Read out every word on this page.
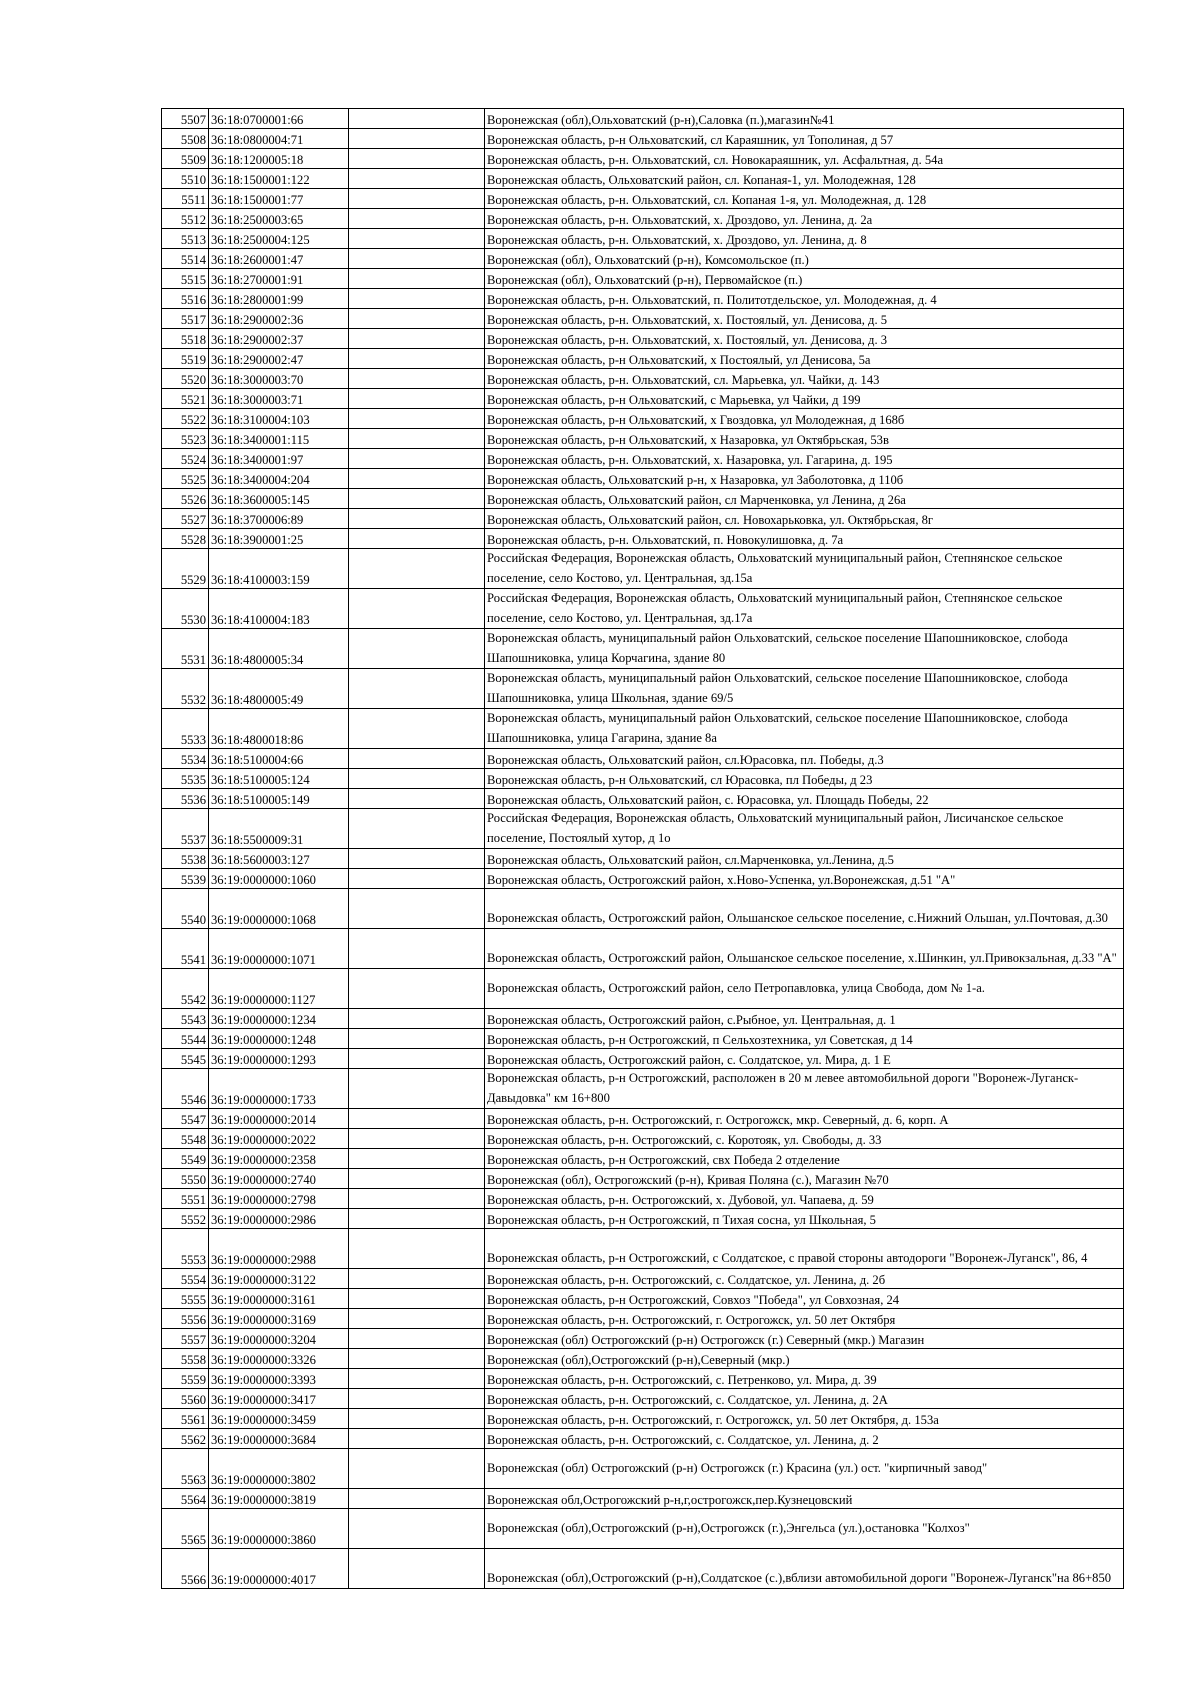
5507	36:18:0700001:66		Воронежская (обл),Ольховатский (р-н),Саловка (п.),магазин№41
5508	36:18:0800004:71		Воронежская область, р-н Ольховатский, сл Караяшник, ул Тополиная, д 57
5509	36:18:1200005:18		Воронежская область, р-н. Ольховатский, сл. Новокараяшник, ул. Асфальтная, д. 54а
5510	36:18:1500001:122		Воронежская область, Ольховатский район, сл. Копаная-1, ул. Молодежная, 128
5511	36:18:1500001:77		Воронежская область, р-н. Ольховатский, сл. Копаная 1-я, ул. Молодежная, д. 128
5512	36:18:2500003:65		Воронежская область, р-н. Ольховатский, х. Дроздово, ул. Ленина, д. 2а
5513	36:18:2500004:125		Воронежская область, р-н. Ольховатский, х. Дроздово, ул. Ленина, д. 8
5514	36:18:2600001:47		Воронежская (обл), Ольховатский (р-н), Комсомольское (п.)
5515	36:18:2700001:91		Воронежская (обл), Ольховатский (р-н), Первомайское (п.)
5516	36:18:2800001:99		Воронежская область, р-н. Ольховатский, п. Политотдельское, ул. Молодежная, д. 4
5517	36:18:2900002:36		Воронежская область, р-н. Ольховатский, х. Постоялый, ул. Денисова, д. 5
5518	36:18:2900002:37		Воронежская область, р-н. Ольховатский, х. Постоялый, ул. Денисова, д. 3
5519	36:18:2900002:47		Воронежская область, р-н Ольховатский, х Постоялый, ул Денисова, 5а
5520	36:18:3000003:70		Воронежская область, р-н. Ольховатский, сл. Марьевка, ул. Чайки, д. 143
5521	36:18:3000003:71		Воронежская область, р-н Ольховатский, с Марьевка, ул Чайки, д 199
5522	36:18:3100004:103		Воронежская область, р-н Ольховатский, х Гвоздовка, ул Молодежная, д 168б
5523	36:18:3400001:115		Воронежская область, р-н Ольховатский, х Назаровка, ул Октябрьская, 53в
5524	36:18:3400001:97		Воронежская область, р-н. Ольховатский, х. Назаровка, ул. Гагарина, д. 195
5525	36:18:3400004:204		Воронежская область, Ольховатский р-н, х Назаровка, ул Заболотовка, д 110б
5526	36:18:3600005:145		Воронежская область, Ольховатский район, сл Марченковка, ул Ленина, д 26а
5527	36:18:3700006:89		Воронежская область, Ольховатский район, сл. Новохарьковка, ул. Октябрьская, 8г
5528	36:18:3900001:25		Воронежская область, р-н. Ольховатский, п. Новокулишовка, д. 7а
5529	36:18:4100003:159		Российская Федерация, Воронежская область, Ольховатский муниципальный район, Степнянское сельское поселение, село Костово, ул. Центральная, зд.15а
5530	36:18:4100004:183		Российская Федерация, Воронежская область, Ольховатский муниципальный район, Степнянское сельское поселение, село Костово, ул. Центральная, зд.17а
5531	36:18:4800005:34		Воронежская область, муниципальный район Ольховатский, сельское поселение Шапошниковское, слобода Шапошниковка, улица Корчагина, здание 80
5532	36:18:4800005:49		Воронежская область, муниципальный район Ольховатский, сельское поселение Шапошниковское, слобода Шапошниковка, улица Школьная, здание 69/5
5533	36:18:4800018:86		Воронежская область, муниципальный район Ольховатский, сельское поселение Шапошниковское, слобода Шапошниковка, улица Гагарина, здание 8а
5534	36:18:5100004:66		Воронежская область, Ольховатский район, сл.Юрасовка, пл. Победы, д.3
5535	36:18:5100005:124		Воронежская область, р-н Ольховатский, сл Юрасовка, пл Победы, д 23
5536	36:18:5100005:149		Воронежская область, Ольховатский район, с. Юрасовка, ул. Площадь Победы, 22
5537	36:18:5500009:31		Российская Федерация, Воронежская область, Ольховатский муниципальный район, Лисичанское сельское поселение, Постоялый хутор, д 1о
5538	36:18:5600003:127		Воронежская область, Ольховатский район, сл.Марченковка, ул.Ленина, д.5
5539	36:19:0000000:1060		Воронежская область, Острогожский район, х.Ново-Успенка, ул.Воронежская, д.51 "А"
5540	36:19:0000000:1068		Воронежская область, Острогожский район, Ольшанское сельское поселение, с.Нижний Ольшан, ул.Почтовая, д.30
5541	36:19:0000000:1071		Воронежская область, Острогожский район, Ольшанское сельское поселение, х.Шинкин, ул.Привокзальная, д.33 "А"
5542	36:19:0000000:1127		Воронежская область, Острогожский район, село Петропавловка, улица Свобода, дом № 1-а.
5543	36:19:0000000:1234		Воронежская область, Острогожский район, с.Рыбное, ул. Центральная, д. 1
5544	36:19:0000000:1248		Воронежская область, р-н Острогожский, п Сельхозтехника, ул Советская, д 14
5545	36:19:0000000:1293		Воронежская область, Острогожский район, с. Солдатское, ул. Мира, д. 1 Е
5546	36:19:0000000:1733		Воронежская область, р-н Острогожский, расположен в 20 м левее автомобильной дороги "Воронеж-Луганск-Давыдовка" км 16+800
5547	36:19:0000000:2014		Воронежская область, р-н. Острогожский, г. Острогожск, мкр. Северный, д. 6, корп. А
5548	36:19:0000000:2022		Воронежская область, р-н. Острогожский, с. Коротояк, ул. Свободы, д. 33
5549	36:19:0000000:2358		Воронежская область, р-н Острогожский, свх Победа 2 отделение
5550	36:19:0000000:2740		Воронежская (обл), Острогожский (р-н), Кривая Поляна (с.), Магазин №70
5551	36:19:0000000:2798		Воронежская область, р-н. Острогожский, х. Дубовой, ул. Чапаева, д. 59
5552	36:19:0000000:2986		Воронежская область, р-н Острогожский, п Тихая сосна, ул Школьная, 5
5553	36:19:0000000:2988		Воронежская область, р-н Острогожский, с Солдатское, с правой стороны автодороги "Воронеж-Луганск", 86, 4
5554	36:19:0000000:3122		Воронежская область, р-н. Острогожский, с. Солдатское, ул. Ленина, д. 2б
5555	36:19:0000000:3161		Воронежская область, р-н Острогожский, Совхоз "Победа", ул Совхозная, 24
5556	36:19:0000000:3169		Воронежская область, р-н. Острогожский, г. Острогожск, ул. 50 лет Октября
5557	36:19:0000000:3204		Воронежская (обл) Острогожский (р-н) Острогожск (г.) Северный (мкр.) Магазин
5558	36:19:0000000:3326		Воронежская (обл),Острогожский (р-н),Северный (мкр.)
5559	36:19:0000000:3393		Воронежская область, р-н. Острогожский, с. Петренково, ул. Мира, д. 39
5560	36:19:0000000:3417		Воронежская область, р-н. Острогожский, с. Солдатское, ул. Ленина, д. 2А
5561	36:19:0000000:3459		Воронежская область, р-н. Острогожский, г. Острогожск, ул. 50 лет Октября, д. 153а
5562	36:19:0000000:3684		Воронежская область, р-н. Острогожский, с. Солдатское, ул. Ленина, д. 2
5563	36:19:0000000:3802		Воронежская (обл) Острогожский (р-н) Острогожск (г.) Красина (ул.) ост. "кирпичный завод"
5564	36:19:0000000:3819		Воронежская обл,Острогожский р-н,г,острогожск,пер.Кузнецовский
5565	36:19:0000000:3860		Воронежская (обл),Острогожский (р-н),Острогожск (г.),Энгельса (ул.),остановка "Колхоз"
5566	36:19:0000000:4017		Воронежская (обл),Острогожский (р-н),Солдатское (с.),вблизи автомобильной дороги "Воронеж-Луганск"на 86+850
